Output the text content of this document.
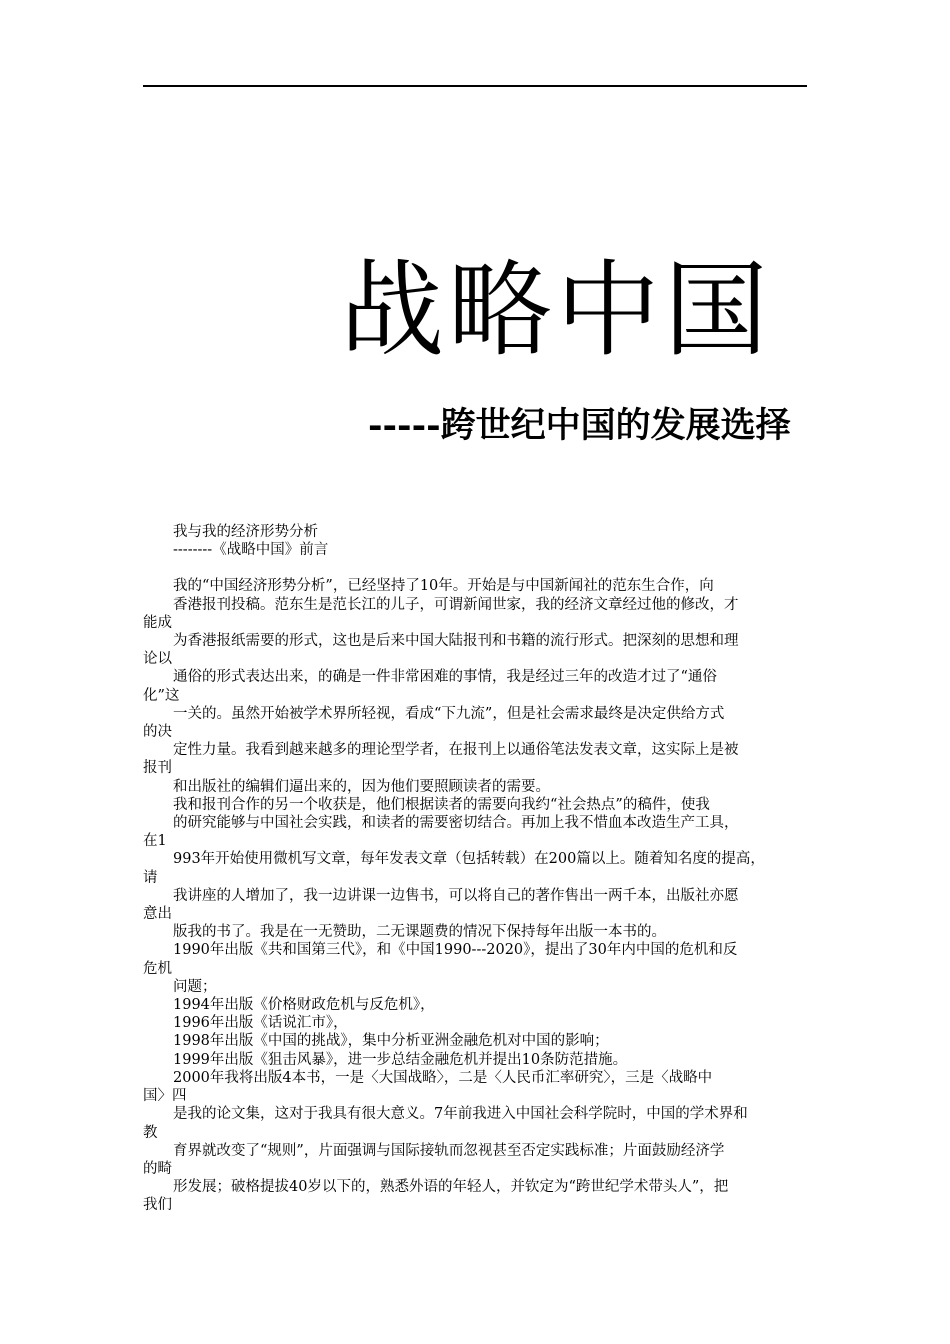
战略中国
-----跨世纪中国的发展选择
我与我的经济形势分析
--------《战略中国》前言
我的“中国经济形势分析”，已经坚持了10年。开始是与中国新闻社的范东生合作，向
香港报刊投稿。范东生是范长江的儿子，可谓新闻世家，我的经济文章经过他的修改，才
能成
为香港报纸需要的形式，这也是后来中国大陆报刊和书籍的流行形式。把深刻的思想和理
论以
通俗的形式表达出来，的确是一件非常困难的事情，我是经过三年的改造才过了“通俗
化”这
一关的。虽然开始被学术界所轻视，看成“下九流”，但是社会需求最终是决定供给方式
的决
定性力量。我看到越来越多的理论型学者，在报刊上以通俗笔法发表文章，这实际上是被
报刊
和出版社的编辑们逼出来的，因为他们要照顾读者的需要。
我和报刊合作的另一个收获是，他们根据读者的需要向我约“社会热点”的稿件，使我
的研究能够与中国社会实践，和读者的需要密切结合。再加上我不惜血本改造生产工具，
在1
993年开始使用微机写文章，每年发表文章（包括转载）在200篇以上。随着知名度的提高，
请
我讲座的人增加了，我一边讲课一边售书，可以将自己的著作售出一两千本，出版社亦愿
意出
版我的书了。我是在一无赞助，二无课题费的情况下保持每年出版一本书的。
1990年出版《共和国第三代》，和《中国1990---2020》，提出了30年内中国的危机和反
危机
问题；
1994年出版《价格财政危机与反危机》，
1996年出版《话说汇市》，
1998年出版《中国的挑战》，集中分析亚洲金融危机对中国的影响；
1999年出版《狙击风暴》，进一步总结金融危机并提出10条防范措施。
2000年我将出版4本书，一是〈大国战略〉，二是〈人民币汇率研究〉，三是〈战略中
国〉四
是我的论文集，这对于我具有很大意义。7年前我进入中国社会科学院时，中国的学术界和
教
育界就改变了“规则”，片面强调与国际接轨而忽视甚至否定实践标准；片面鼓励经济学
的畸
形发展；破格提拔40岁以下的，熟悉外语的年轻人，并钦定为“跨世纪学术带头人”，把
我们
